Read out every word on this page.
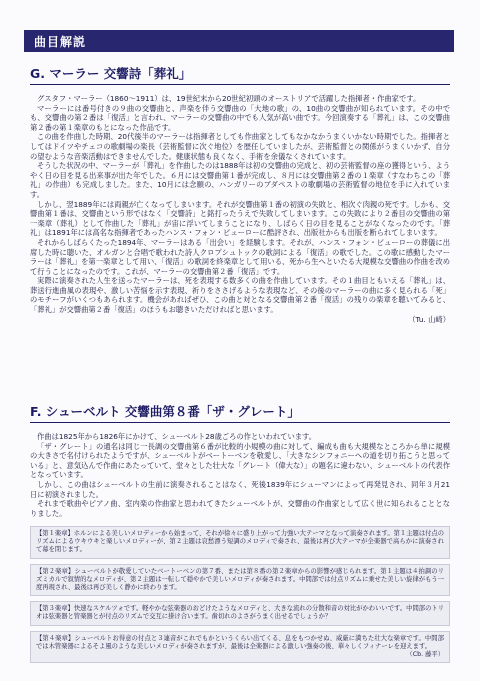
曲目解説
G. マーラー 交響詩「葬礼」

グスタフ・マーラー（1860～1911）は、19世紀末から20世紀初頭のオーストリアで活躍した指揮者・作曲家です。

マーラーには番号付きの９曲の交響曲と、声楽を伴う交響曲の「大地の歌」の、10曲の交響曲が知られています。その中でも、交響曲の第２番は「復活」と言われ、マーラーの交響曲の中でも人気が高い曲です。今回演奏する「葬礼」は、この交響曲第２番の第１楽章のもとになった作品です。

この曲を作曲した時期、20代後半のマーラーは指揮者としても作曲家としてもなかなかうまくいかない時期でした。指揮者としてはドイツやチェコの歌劇場の楽長（芸術監督に次ぐ地位）を歴任していましたが、芸術監督との関係がうまくいかず、自分の望むような音楽活動はできませんでした。健康状態も良くなく、手術を余儀なくされています。

そうした状況の中、マーラーが「葬礼」を作曲したのは1888年は初の交響曲の完成と、初の芸術監督の座の獲得という、ようやく日の目を見る出来事が出た年でした。６月には交響曲第１番が完成し、８月には交響曲第２番の１楽章（すなわちこの「葬礼」の作曲）も完成しました。また、10月には念願の、ハンガリーのブダペストの歌劇場の芸術監督の地位を手に入れています。

しかし、翌1889年には両親が亡くなってしまいます。それが交響曲第１番の初演の失敗と、相次ぐ肉親の死です。しかも、交響曲第１番は、交響曲という形ではなく「交響詩」と銘打ったうえで失敗してしまいます。この失敗により２番目の交響曲の第一楽章（葬礼）として作曲した「葬礼」が宙に浮いてしまうことになり、しばらく日の目を見ることがなくなったのです。「葬礼」は1891年には高名な指揮者であったハンス・フォン・ビューローに酷評され、出版社からも出版を断られてしまいます。

それからしばらくたった1894年、マーラーはある「出会い」を経験します。それが、ハンス・フォン・ビューローの葬儀に出席した時に聴いた、オルガンと合唱で歌われた詩人クロプシュトックの歌詞による「復活」の歌でした。この歌に感動したマーラーは「葬礼」を第一楽章として用い、「復活」の歌詞を終楽章として用いる、死から生へといたる大規模な交響曲の作曲を改めて行うことになったのです。これが、マーラーの交響曲第２番「復活」です。

実際に演奏された人生を送ったマーラーは、死を表現する数多くの曲を作曲しています。その１曲目ともいえる「葬礼」は、葬送行進曲風の表現や、激しい苦悩を示す表現、祈りをささげるような表現など、その後のマーラーの曲に多く見られる「死」のモチーフがいくつもあられます。機会があればぜひ、この曲と対となる交響曲第２番「復活」の残りの楽章を聴いてみると、「葬礼」が交響曲第２番「復活」のほうもお聴きいただければと思います。

（Tu. 山崎）
F. シューベルト 交響曲第８番「ザ・グレート」

作曲は1825年から1826年にかけて、シューベルト28歳ごろの作といわれています。

「ザ・グレート」の通名は同じ一長調の交響曲第６番が比較的小規模の曲に対して、編成も曲も大規模なところから単に規模の大きさで名付けられたようですが、シューベルトがベートーベンを敬愛し、「大きなシンフォニーへの道を切り拓こうと思っている」と、意気込んで作曲にあたっていて、堂々とした壮大な「グレート（偉大な）」の題名に違わない、シューベルトの代表作となっています。

しかし、この曲はシューベルトの生前に演奏されることはなく、死後1839年にシューマンによって再発見され、同年３月21日に初演されました。

それまで歌曲やピアノ曲、室内楽の作曲家と思われてきたシューベルトが、交響曲の作曲家として広く世に知られることとなりました。

【第１楽章】ホルンによる美しいメロディーから始まって、それが徐々に盛り上がって力強い大テーマとなって演奏されます。第１主題は付点のリズムによるウキウキと楽しいメロディーが、第２主題は哀愁漂う短調のメロディで奏され、最後は再び大テーマが全楽器で高らかに演奏されて幕を閉じます。
【第２楽章】シューベルトが敬愛していたベートーベンの第７番、または第８番の第２楽章からの影響が感じられます。第１主題は４拍調のリズミカルで叙情的なメロディが、第２主題は一転して穏やかで美しいメロディが奏されます。中間部では付点リズムに乗せた美しい旋律がもう一度再現され、最後は再び美しく静かに終わります。
【第３楽章】快速なスケルツォです。軽やかな弦楽器のおどけたようなメロディと、大きな流れの分散和音の対比がかわいいです。中間部のトリオは弦楽器と管楽器とが付点のリズムで交互に掛け合います。歯切れのよさがうまく出せるでしょうか？
【第４楽章】シューベルトお得意の付点と３連音がこれでもかというくらい出てくる、息をもつかせぬ、威厳に満ちた壮大な楽章です。中間部では木管楽器によるそよ風のような美しいメロディが奏されますが、最後は全楽器による激しい強奏の後、華々しくフィナーレを迎えます。
（Cb. 藤平）
